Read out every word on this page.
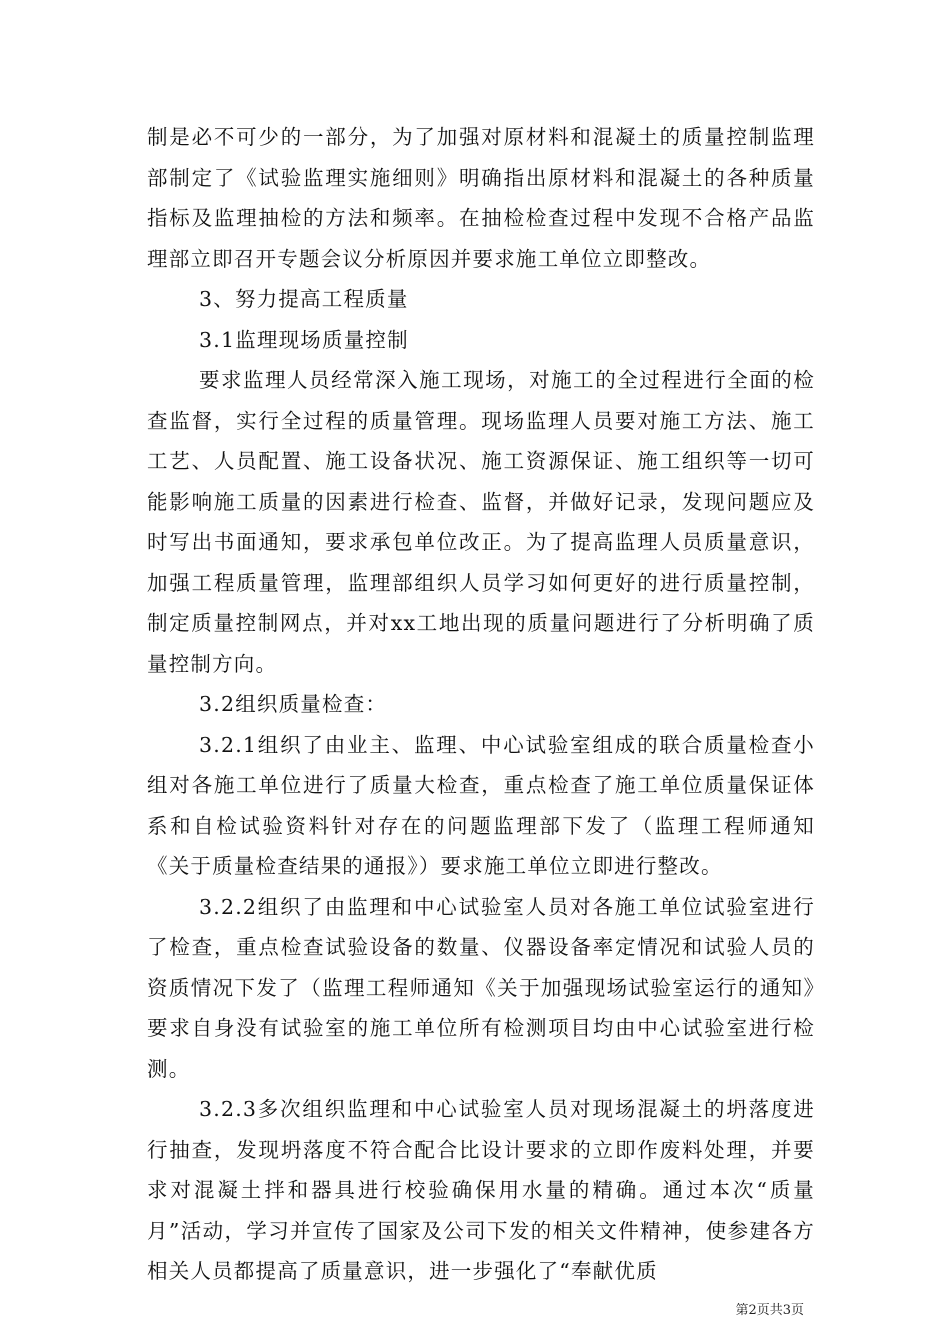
制是必不可少的一部分，为了加强对原材料和混凝土的质量控制监理部制定了《试验监理实施细则》明确指出原材料和混凝土的各种质量指标及监理抽检的方法和频率。在抽检检查过程中发现不合格产品监理部立即召开专题会议分析原因并要求施工单位立即整改。

3、努力提高工程质量

3.1监理现场质量控制

要求监理人员经常深入施工现场，对施工的全过程进行全面的检查监督，实行全过程的质量管理。现场监理人员要对施工方法、施工工艺、人员配置、施工设备状况、施工资源保证、施工组织等一切可能影响施工质量的因素进行检查、监督，并做好记录，发现问题应及时写出书面通知，要求承包单位改正。为了提高监理人员质量意识，加强工程质量管理，监理部组织人员学习如何更好的进行质量控制，制定质量控制网点，并对xx工地出现的质量问题进行了分析明确了质量控制方向。

3.2组织质量检查：

3.2.1组织了由业主、监理、中心试验室组成的联合质量检查小组对各施工单位进行了质量大检查，重点检查了施工单位质量保证体系和自检试验资料针对存在的问题监理部下发了（监理工程师通知《关于质量检查结果的通报》）要求施工单位立即进行整改。

3.2.2组织了由监理和中心试验室人员对各施工单位试验室进行了检查，重点检查试验设备的数量、仪器设备率定情况和试验人员的资质情况下发了（监理工程师通知《关于加强现场试验室运行的通知》要求自身没有试验室的施工单位所有检测项目均由中心试验室进行检测。

3.2.3多次组织监理和中心试验室人员对现场混凝土的坍落度进行抽查，发现坍落度不符合配合比设计要求的立即作废料处理，并要求对混凝土拌和器具进行校验确保用水量的精确。通过本次“质量月”活动，学习并宣传了国家及公司下发的相关文件精神，使参建各方相关人员都提高了质量意识，进一步强化了“奉献优质

第2页共3页
